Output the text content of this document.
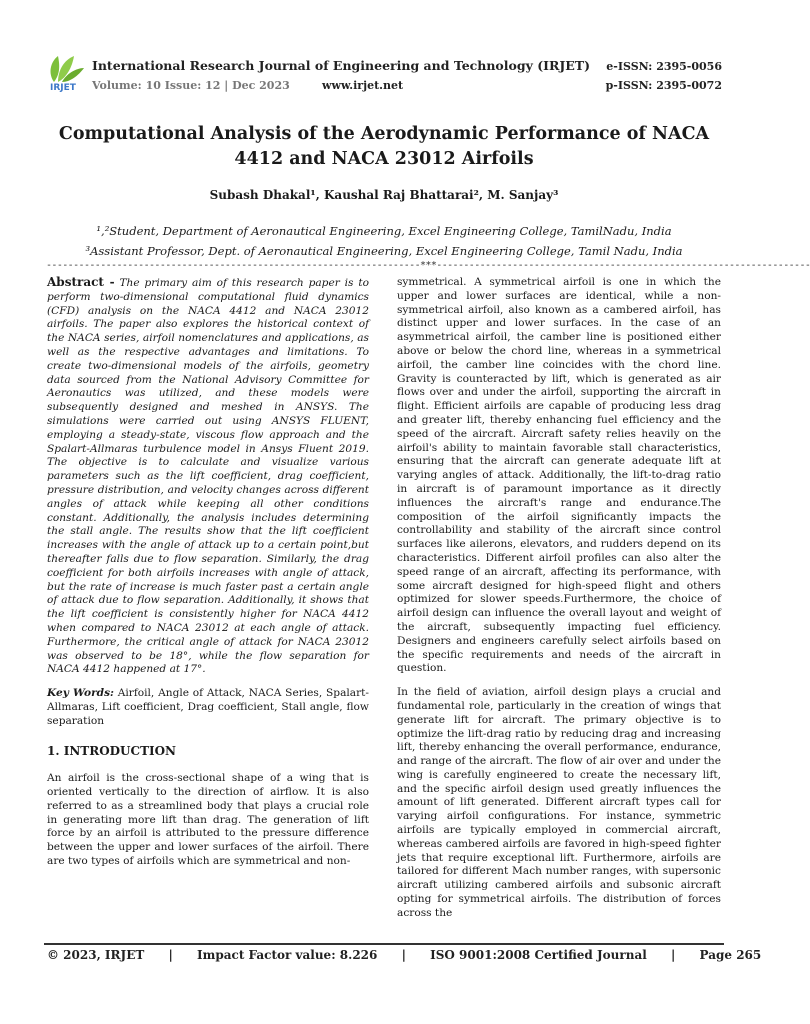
IRJET
International Research Journal of Engineering and Technology (IRJET)
Volume: 10 Issue: 12 | Dec 2023	www.irjet.net
e-ISSN: 2395-0056
p-ISSN: 2395-0072
Computational Analysis of the Aerodynamic Performance of NACA 4412 and NACA 23012 Airfoils
Subash Dhakal¹, Kaushal Raj Bhattarai², M. Sanjay³
¹,²Student, Department of Aeronautical Engineering, Excel Engineering College, TamilNadu, India
³Assistant Professor, Dept. of Aeronautical Engineering, Excel Engineering College, Tamil Nadu, India
---------------------------------------------------------------------***---------------------------------------------------------------------

Abstract - The primary aim of this research paper is to perform two-dimensional computational fluid dynamics (CFD) analysis on the NACA 4412 and NACA 23012 airfoils. The paper also explores the historical context of the NACA series, airfoil nomenclatures and applications, as well as the respective advantages and limitations. To create two-dimensional models of the airfoils, geometry data sourced from the National Advisory Committee for Aeronautics was utilized, and these models were subsequently designed and meshed in ANSYS. The simulations were carried out using ANSYS FLUENT, employing a steady-state, viscous flow approach and the Spalart-Allmaras turbulence model in Ansys Fluent 2019. The objective is to calculate and visualize various parameters such as the lift coefficient, drag coefficient, pressure distribution, and velocity changes across different angles of attack while keeping all other conditions constant. Additionally, the analysis includes determining the stall angle. The results show that the lift coefficient increases with the angle of attack up to a certain point,but thereafter falls due to flow separation. Similarly, the drag coefficient for both airfoils increases with angle of attack, but the rate of increase is much faster past a certain angle of attack due to flow separation. Additionally, it shows that the lift coefficient is consistently higher for NACA 4412 when compared to NACA 23012 at each angle of attack. Furthermore, the critical angle of attack for NACA 23012 was observed to be 18°, while the flow separation for NACA 4412 happened at 17°.

Key Words: Airfoil, Angle of Attack, NACA Series, Spalart-Allmaras, Lift coefficient, Drag coefficient, Stall angle, flow separation
1. INTRODUCTION

An airfoil is the cross-sectional shape of a wing that is oriented vertically to the direction of airflow. It is also referred to as a streamlined body that plays a crucial role in generating more lift than drag. The generation of lift force by an airfoil is attributed to the pressure difference between the upper and lower surfaces of the airfoil. There are two types of airfoils which are symmetrical and non-

symmetrical. A symmetrical airfoil is one in which the upper and lower surfaces are identical, while a non-symmetrical airfoil, also known as a cambered airfoil, has distinct upper and lower surfaces. In the case of an asymmetrical airfoil, the camber line is positioned either above or below the chord line, whereas in a symmetrical airfoil, the camber line coincides with the chord line. Gravity is counteracted by lift, which is generated as air flows over and under the airfoil, supporting the aircraft in flight. Efficient airfoils are capable of producing less drag and greater lift, thereby enhancing fuel efficiency and the speed of the aircraft. Aircraft safety relies heavily on the airfoil's ability to maintain favorable stall characteristics, ensuring that the aircraft can generate adequate lift at varying angles of attack. Additionally, the lift-to-drag ratio in aircraft is of paramount importance as it directly influences the aircraft's range and endurance.The composition of the airfoil significantly impacts the controllability and stability of the aircraft since control surfaces like ailerons, elevators, and rudders depend on its characteristics. Different airfoil profiles can also alter the speed range of an aircraft, affecting its performance, with some aircraft designed for high-speed flight and others optimized for slower speeds.Furthermore, the choice of airfoil design can influence the overall layout and weight of the aircraft, subsequently impacting fuel efficiency. Designers and engineers carefully select airfoils based on the specific requirements and needs of the aircraft in question.

In the field of aviation, airfoil design plays a crucial and fundamental role, particularly in the creation of wings that generate lift for aircraft. The primary objective is to optimize the lift-drag ratio by reducing drag and increasing lift, thereby enhancing the overall performance, endurance, and range of the aircraft. The flow of air over and under the wing is carefully engineered to create the necessary lift, and the specific airfoil design used greatly influences the amount of lift generated. Different aircraft types call for varying airfoil configurations. For instance, symmetric airfoils are typically employed in commercial aircraft, whereas cambered airfoils are favored in high-speed fighter jets that require exceptional lift. Furthermore, airfoils are tailored for different Mach number ranges, with supersonic aircraft utilizing cambered airfoils and subsonic aircraft opting for symmetrical airfoils. The distribution of forces across the

© 2023, IRJET | Impact Factor value: 8.226 | ISO 9001:2008 Certified Journal | Page 265
